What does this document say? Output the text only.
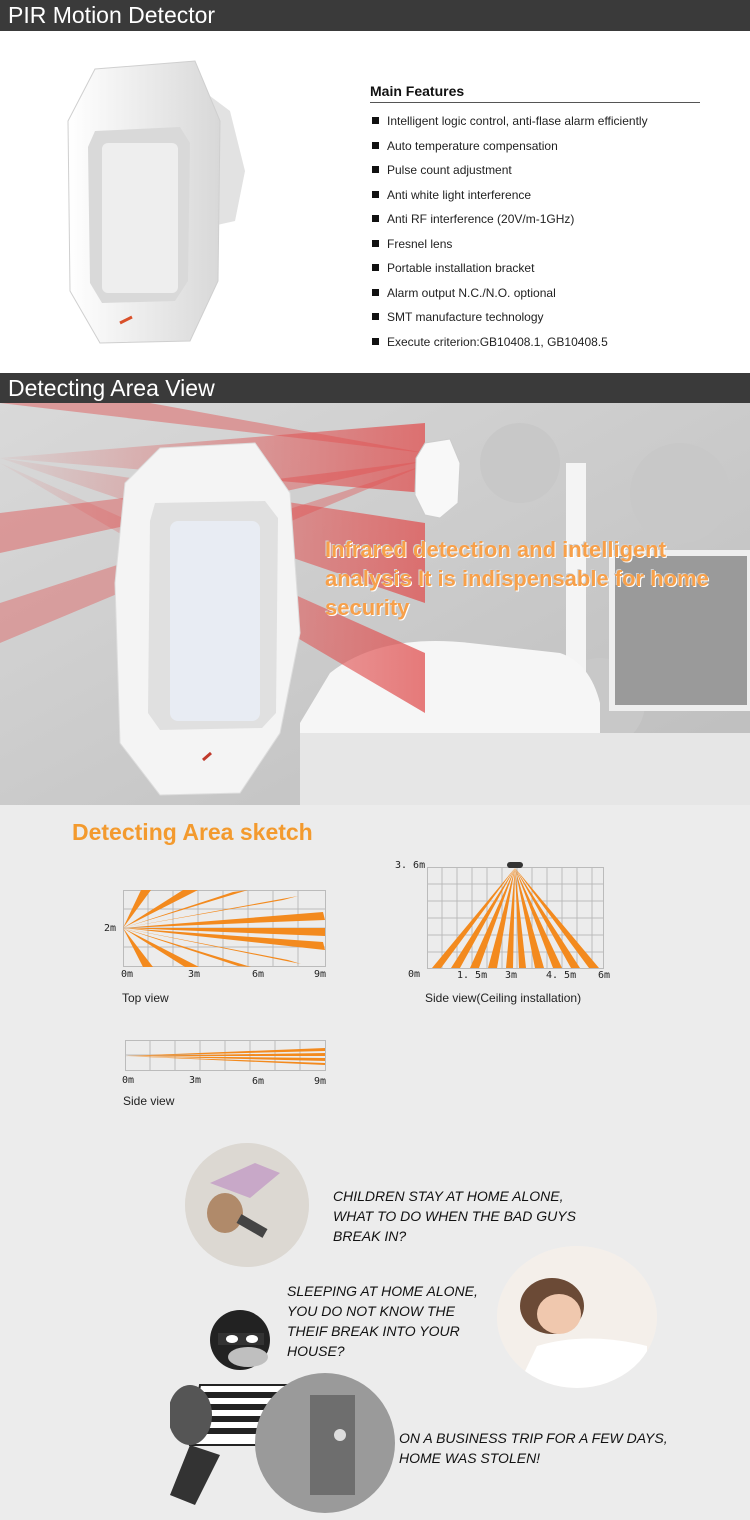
PIR Motion Detector
Main Features
Intelligent logic control, anti-flase alarm efficiently
Auto temperature compensation
Pulse count adjustment
Anti white light interference
Anti RF interference (20V/m-1GHz)
Fresnel lens
Portable installation bracket
Alarm output N.C./N.O. optional
SMT manufacture technology
Execute criterion:GB10408.1, GB10408.5
Detecting Area View
Infrared detection and intelligent analysis It is indispensable for home security
Detecting Area sketch
2m
0m	3m	6m	9m
Top view
3. 6m
0m	1. 5m 3m	4. 5m 6m
Side view(Ceiling installation)
0m	3m	6m	9m
Side view
CHILDREN STAY AT HOME ALONE, WHAT TO DO WHEN THE BAD GUYS BREAK IN?
SLEEPING AT HOME ALONE, YOU DO NOT KNOW THE THEIF BREAK INTO YOUR HOUSE?
ON A BUSINESS TRIP FOR A FEW DAYS, HOME WAS STOLEN!
